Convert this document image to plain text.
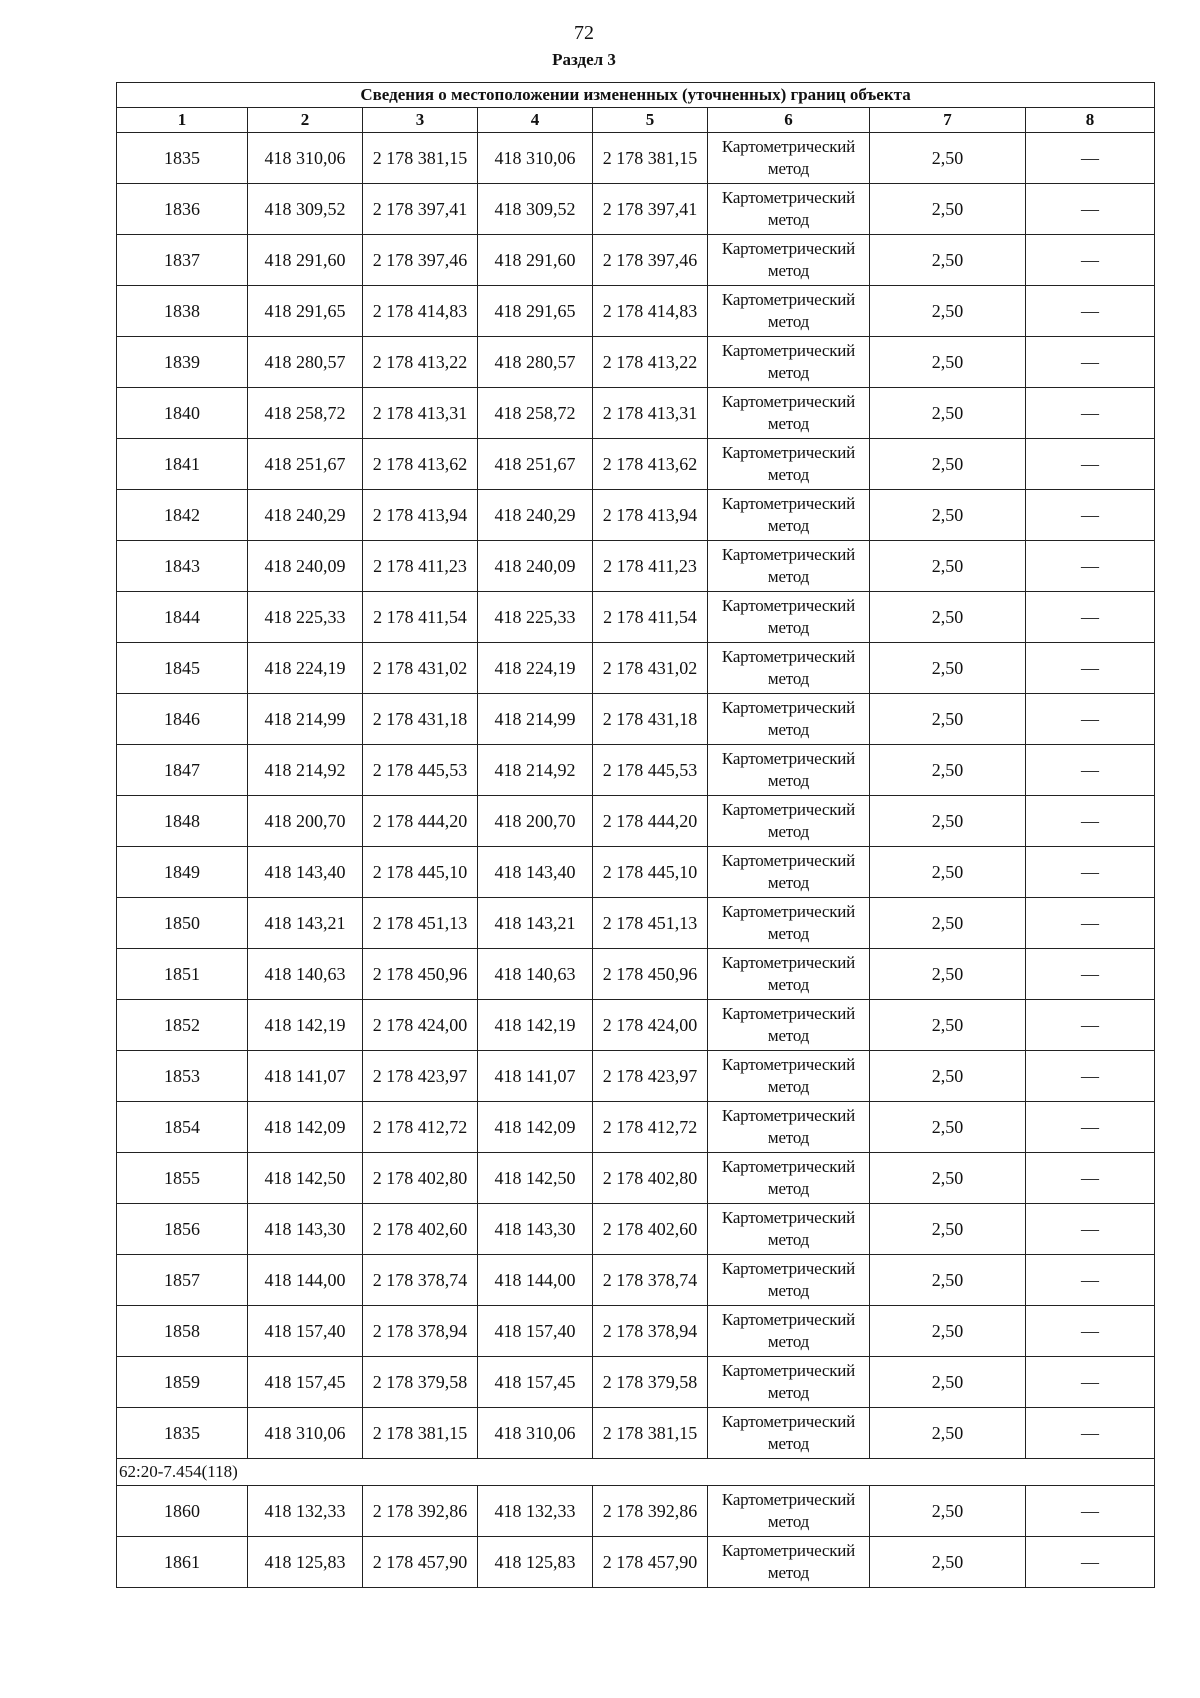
72
Раздел 3
Сведения о местоположении измененных (уточненных) границ объекта							
1	2	3	4	5	6	7	8
1835	418 310,06	2 178 381,15	418 310,06	2 178 381,15	Картометрический метод	2,50	—
1836	418 309,52	2 178 397,41	418 309,52	2 178 397,41	Картометрический метод	2,50	—
1837	418 291,60	2 178 397,46	418 291,60	2 178 397,46	Картометрический метод	2,50	—
1838	418 291,65	2 178 414,83	418 291,65	2 178 414,83	Картометрический метод	2,50	—
1839	418 280,57	2 178 413,22	418 280,57	2 178 413,22	Картометрический метод	2,50	—
1840	418 258,72	2 178 413,31	418 258,72	2 178 413,31	Картометрический метод	2,50	—
1841	418 251,67	2 178 413,62	418 251,67	2 178 413,62	Картометрический метод	2,50	—
1842	418 240,29	2 178 413,94	418 240,29	2 178 413,94	Картометрический метод	2,50	—
1843	418 240,09	2 178 411,23	418 240,09	2 178 411,23	Картометрический метод	2,50	—
1844	418 225,33	2 178 411,54	418 225,33	2 178 411,54	Картометрический метод	2,50	—
1845	418 224,19	2 178 431,02	418 224,19	2 178 431,02	Картометрический метод	2,50	—
1846	418 214,99	2 178 431,18	418 214,99	2 178 431,18	Картометрический метод	2,50	—
1847	418 214,92	2 178 445,53	418 214,92	2 178 445,53	Картометрический метод	2,50	—
1848	418 200,70	2 178 444,20	418 200,70	2 178 444,20	Картометрический метод	2,50	—
1849	418 143,40	2 178 445,10	418 143,40	2 178 445,10	Картометрический метод	2,50	—
1850	418 143,21	2 178 451,13	418 143,21	2 178 451,13	Картометрический метод	2,50	—
1851	418 140,63	2 178 450,96	418 140,63	2 178 450,96	Картометрический метод	2,50	—
1852	418 142,19	2 178 424,00	418 142,19	2 178 424,00	Картометрический метод	2,50	—
1853	418 141,07	2 178 423,97	418 141,07	2 178 423,97	Картометрический метод	2,50	—
1854	418 142,09	2 178 412,72	418 142,09	2 178 412,72	Картометрический метод	2,50	—
1855	418 142,50	2 178 402,80	418 142,50	2 178 402,80	Картометрический метод	2,50	—
1856	418 143,30	2 178 402,60	418 143,30	2 178 402,60	Картометрический метод	2,50	—
1857	418 144,00	2 178 378,74	418 144,00	2 178 378,74	Картометрический метод	2,50	—
1858	418 157,40	2 178 378,94	418 157,40	2 178 378,94	Картометрический метод	2,50	—
1859	418 157,45	2 178 379,58	418 157,45	2 178 379,58	Картометрический метод	2,50	—
1835	418 310,06	2 178 381,15	418 310,06	2 178 381,15	Картометрический метод	2,50	—
62:20-7.454(118)							
1860	418 132,33	2 178 392,86	418 132,33	2 178 392,86	Картометрический метод	2,50	—
1861	418 125,83	2 178 457,90	418 125,83	2 178 457,90	Картометрический метод	2,50	—
